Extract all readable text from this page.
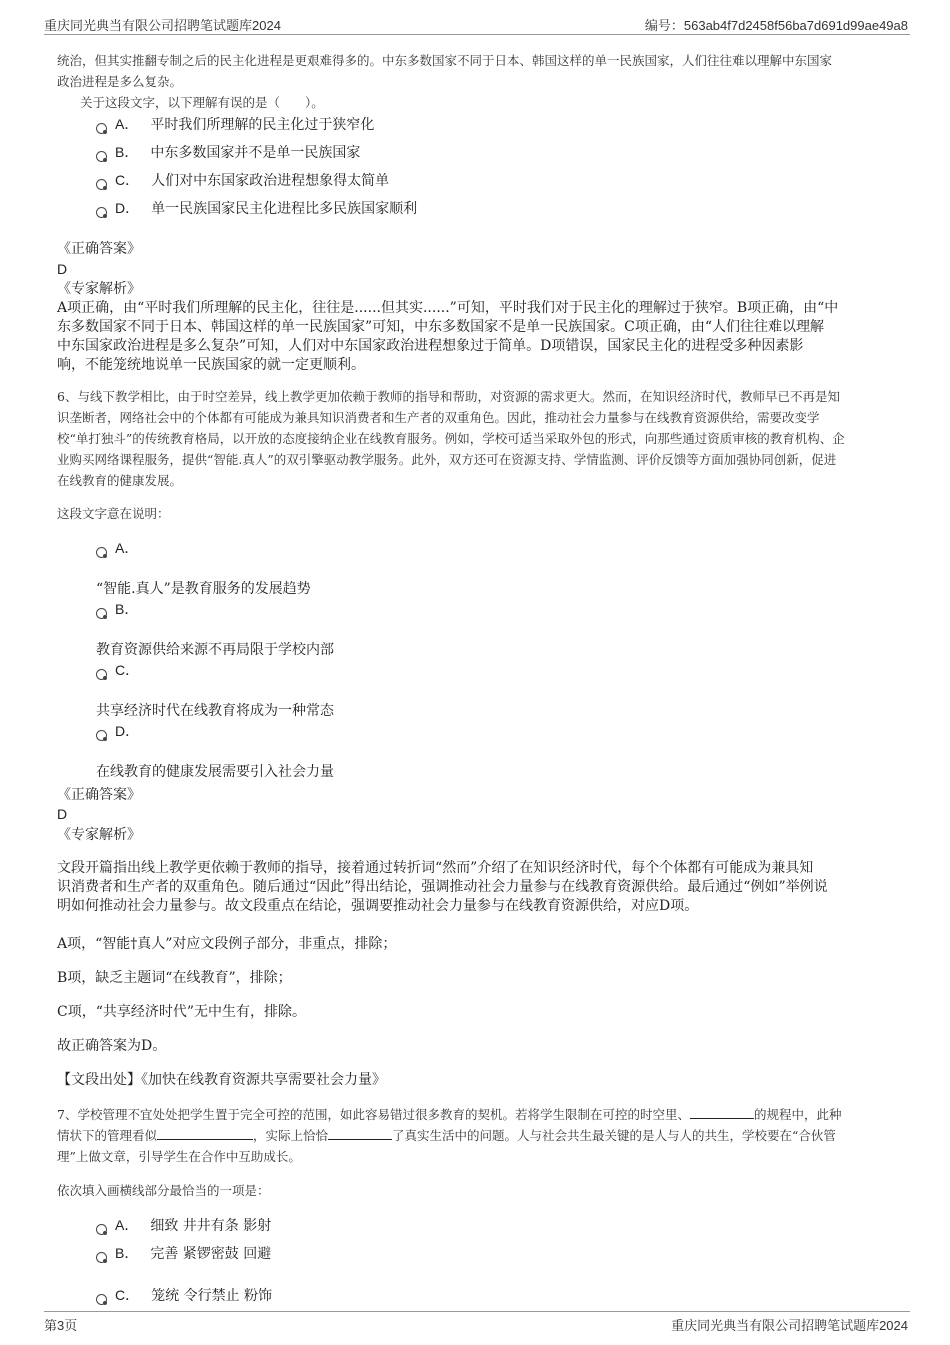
重庆同光典当有限公司招聘笔试题库2024	编号：563ab4f7d2458f56ba7d691d99ae49a8
统治，但其实推翻专制之后的民主化进程是更艰难得多的。中东多数国家不同于日本、韩国这样的单一民族国家，人们往往难以理解中东国家
政治进程是多么复杂。
关于这段文字，以下理解有误的是（　　）。
A． 平时我们所理解的民主化过于狭窄化
B． 中东多数国家并不是单一民族国家
C． 人们对中东国家政治进程想象得太简单
D． 单一民族国家民主化进程比多民族国家顺利
《正确答案》
D
《专家解析》
A项正确，由“平时我们所理解的民主化，往往是......但其实......”可知，平时我们对于民主化的理解过于狭窄。B项正确，由“中
东多数国家不同于日本、韩国这样的单一民族国家”可知，中东多数国家不是单一民族国家。C项正确，由“人们往往难以理解
中东国家政治进程是多么复杂”可知，人们对中东国家政治进程想象过于简单。D项错误，国家民主化的进程受多种因素影
响，不能笼统地说单一民族国家的就一定更顺利。
6、与线下教学相比，由于时空差异，线上教学更加依赖于教师的指导和帮助，对资源的需求更大。然而，在知识经济时代，教师早已不再是知
识垄断者，网络社会中的个体都有可能成为兼具知识消费者和生产者的双重角色。因此，推动社会力量参与在线教育资源供给，需要改变学
校“单打独斗”的传统教育格局，以开放的态度接纳企业在线教育服务。例如，学校可适当采取外包的形式，向那些通过资质审核的教育机构、企
业购买网络课程服务，提供“智能.真人”的双引擎驱动教学服务。此外，双方还可在资源支持、学情监测、评价反馈等方面加强协同创新，促进
在线教育的健康发展。
这段文字意在说明：
A．
“智能.真人”是教育服务的发展趋势
B．
教育资源供给来源不再局限于学校内部
C．
共享经济时代在线教育将成为一种常态
D．
在线教育的健康发展需要引入社会力量
《正确答案》
D
《专家解析》
文段开篇指出线上教学更依赖于教师的指导，接着通过转折词“然而”介绍了在知识经济时代，每个个体都有可能成为兼具知
识消费者和生产者的双重角色。随后通过“因此”得出结论，强调推动社会力量参与在线教育资源供给。最后通过“例如”举例说
明如何推动社会力量参与。故文段重点在结论，强调要推动社会力量参与在线教育资源供给，对应D项。
A项，“智能†真人”对应文段例子部分，非重点，排除；
B项，缺乏主题词“在线教育”，排除；
C项，“共享经济时代”无中生有，排除。
故正确答案为D。
【文段出处】《加快在线教育资源共享需要社会力量》
7、学校管理不宜处处把学生置于完全可控的范围，如此容易错过很多教育的契机。若将学生限制在可控的时空里、	的规程中，此种
情状下的管理看似	，实际上恰恰	了真实生活中的问题。人与社会共生最关键的是人与人的共生，学校要在“合伙管
理”上做文章，引导学生在合作中互助成长。
依次填入画横线部分最恰当的一项是：
A． 细致 井井有条 影射
B． 完善 紧锣密鼓 回避
C． 笼统 令行禁止 粉饰
第3页	重庆同光典当有限公司招聘笔试题库2024
